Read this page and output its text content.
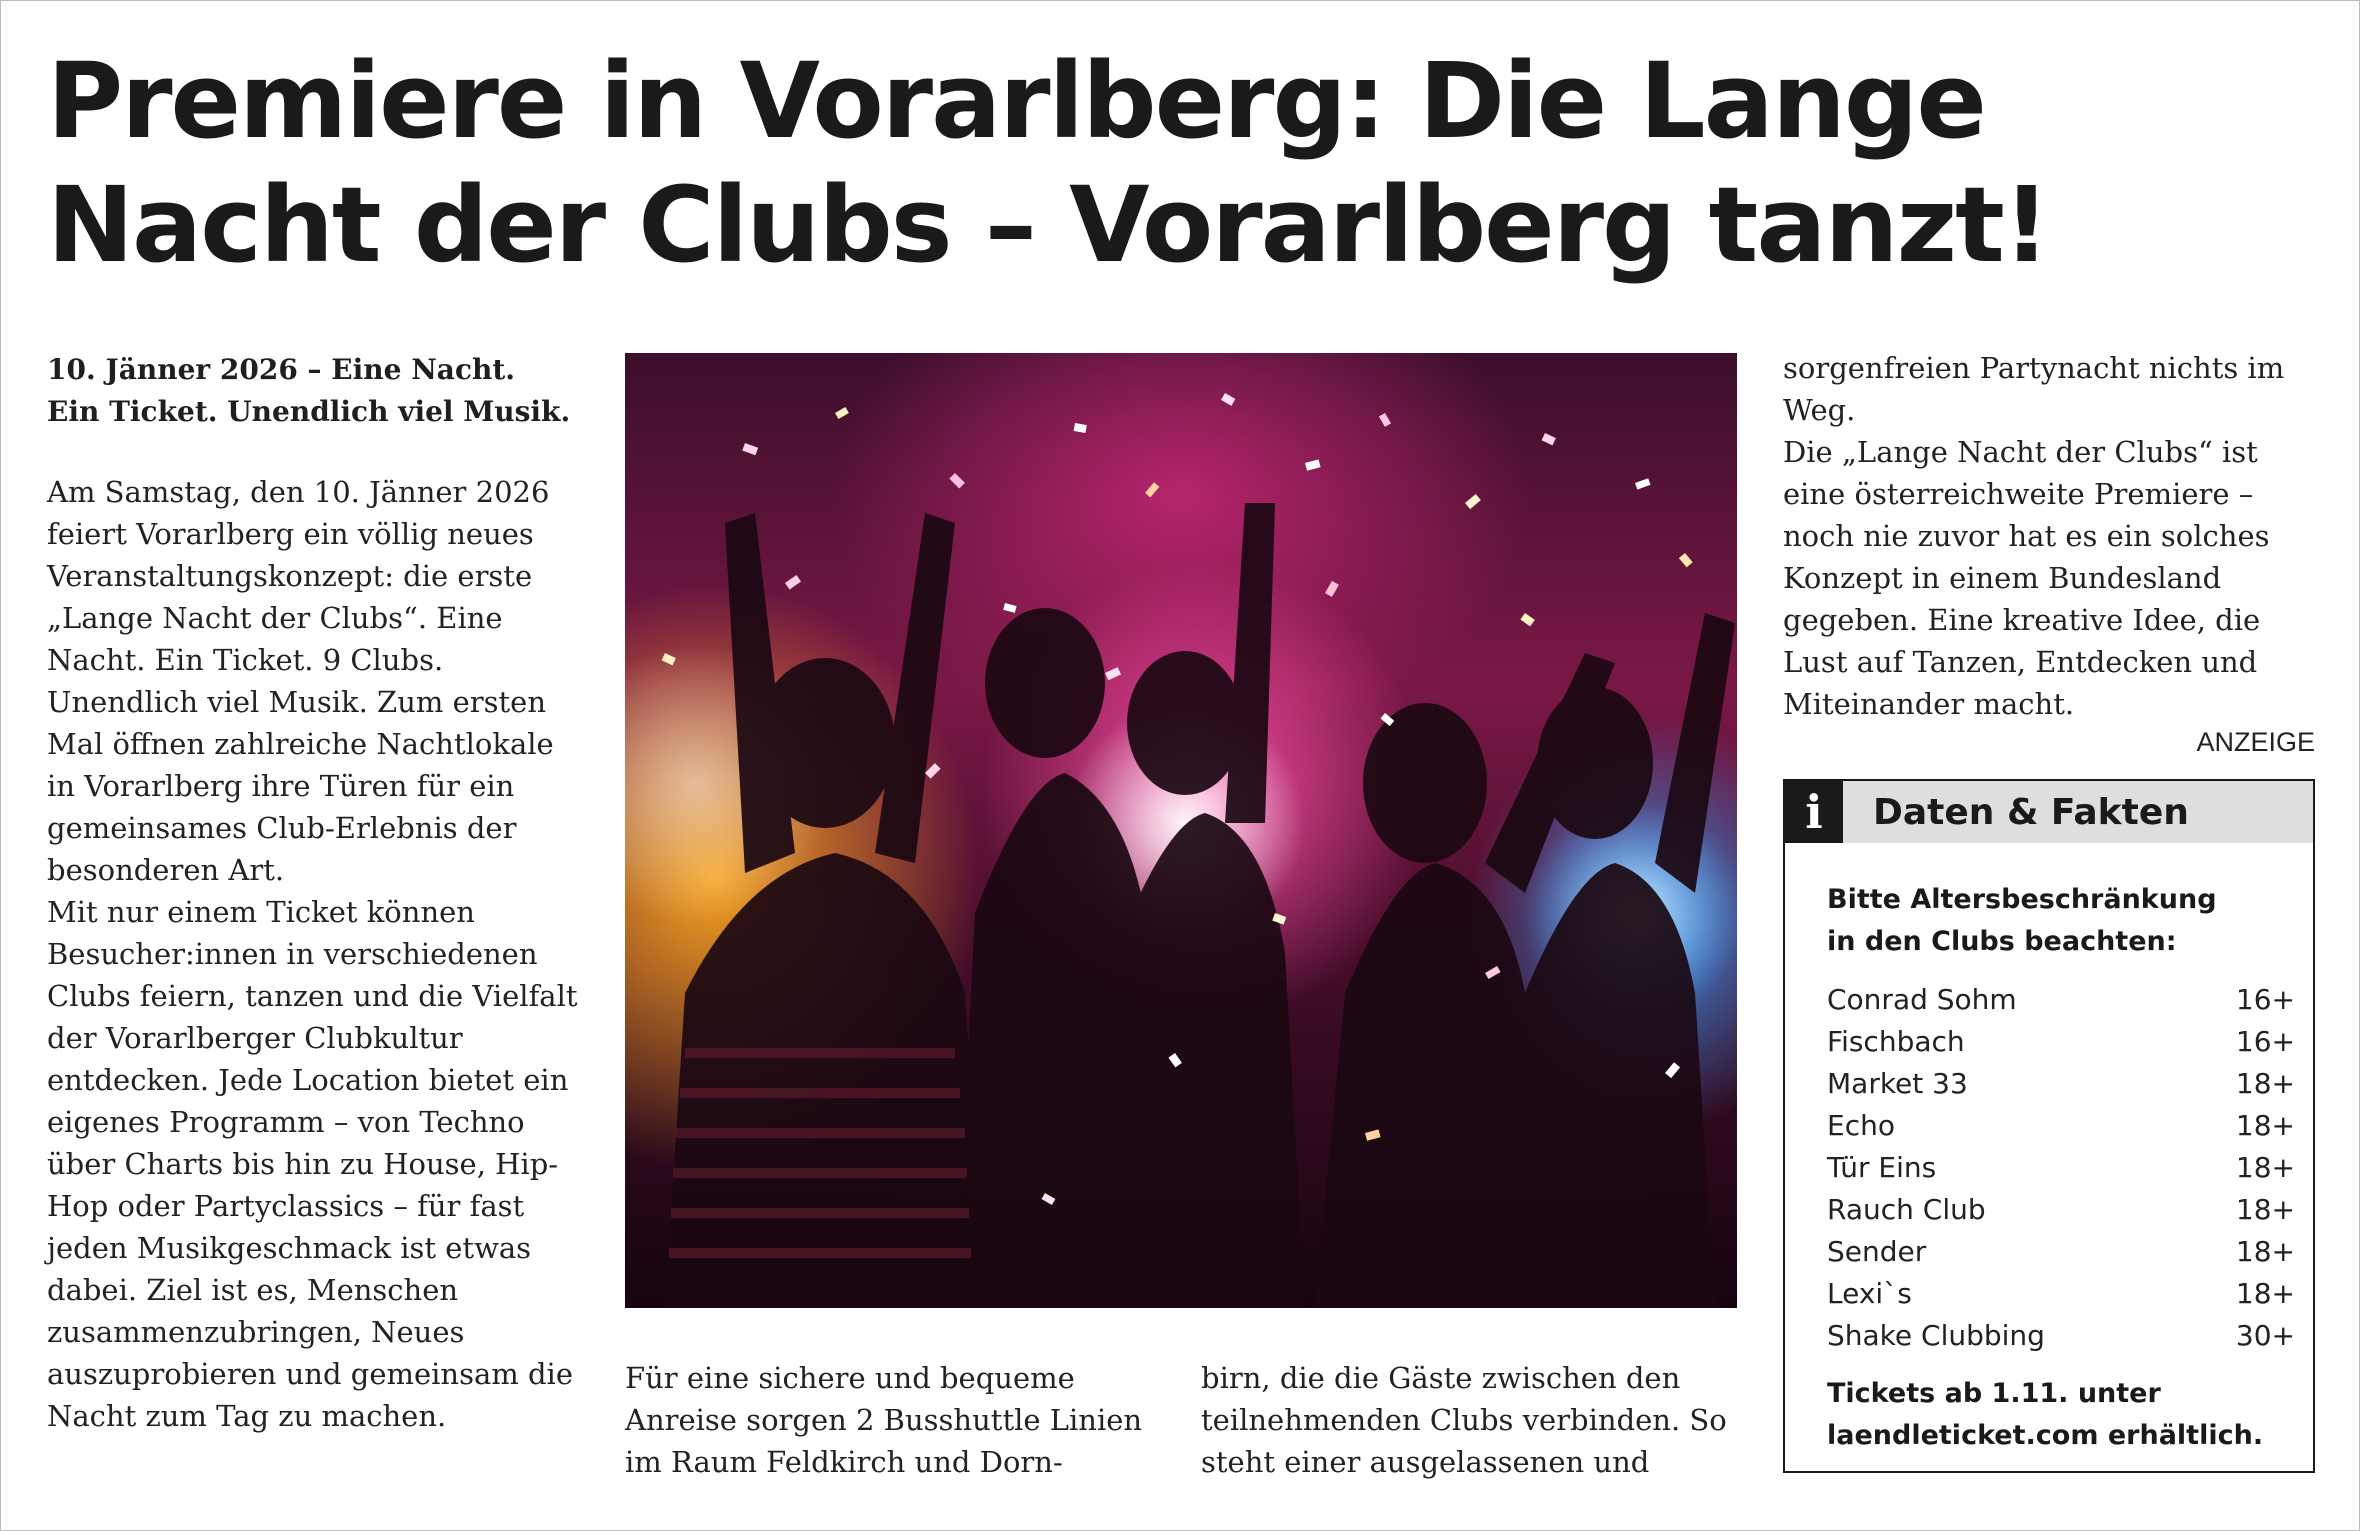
Premiere in Vorarlberg: Die Lange
Nacht der Clubs – Vorarlberg tanzt!

10. Jänner 2026 – Eine Nacht.
Ein Ticket. Unendlich viel Musik.

Am Samstag, den 10. Jänner 2026 feiert Vorarlberg ein völlig neues Veranstaltungskonzept: die erste „Lange Nacht der Clubs“. Eine Nacht. Ein Ticket. 9 Clubs. Unendlich viel Musik. Zum ersten Mal öffnen zahlreiche Nachtlokale in Vorarlberg ihre Türen für ein gemeinsames Club-Erlebnis der besonderen Art.

Mit nur einem Ticket können Besucher:innen in verschiedenen Clubs feiern, tanzen und die Vielfalt der Vorarlberger Clubkultur entdecken. Jede Location bietet ein eigenes Programm – von Techno über Charts bis hin zu House, Hip-Hop oder Partyclassics – für fast jeden Musikgeschmack ist etwas dabei. Ziel ist es, Menschen zusammenzubringen, Neues auszuprobieren und gemeinsam die Nacht zum Tag zu machen.

Für eine sichere und bequeme Anreise sorgen 2 Busshuttle Linien im Raum Feldkirch und Dorn-

birn, die die Gäste zwischen den teilnehmenden Clubs verbinden. So steht einer ausgelassenen und

sorgenfreien Partynacht nichts im Weg.

Die „Lange Nacht der Clubs“ ist eine österreichweite Premiere – noch nie zuvor hat es ein solches Konzept in einem Bundesland gegeben. Eine kreative Idee, die Lust auf Tanzen, Entdecken und Miteinander macht.

ANZEIGE
i	Daten & Fakten
Bitte Altersbeschränkung
in den Clubs beachten:
Conrad Sohm	16+
Fischbach	16+
Market 33	18+
Echo	18+
Tür Eins	18+
Rauch Club	18+
Sender	18+
Lexi`s	18+
Shake Clubbing	30+
Tickets ab 1.11. unter
laendleticket.com erhältlich.
